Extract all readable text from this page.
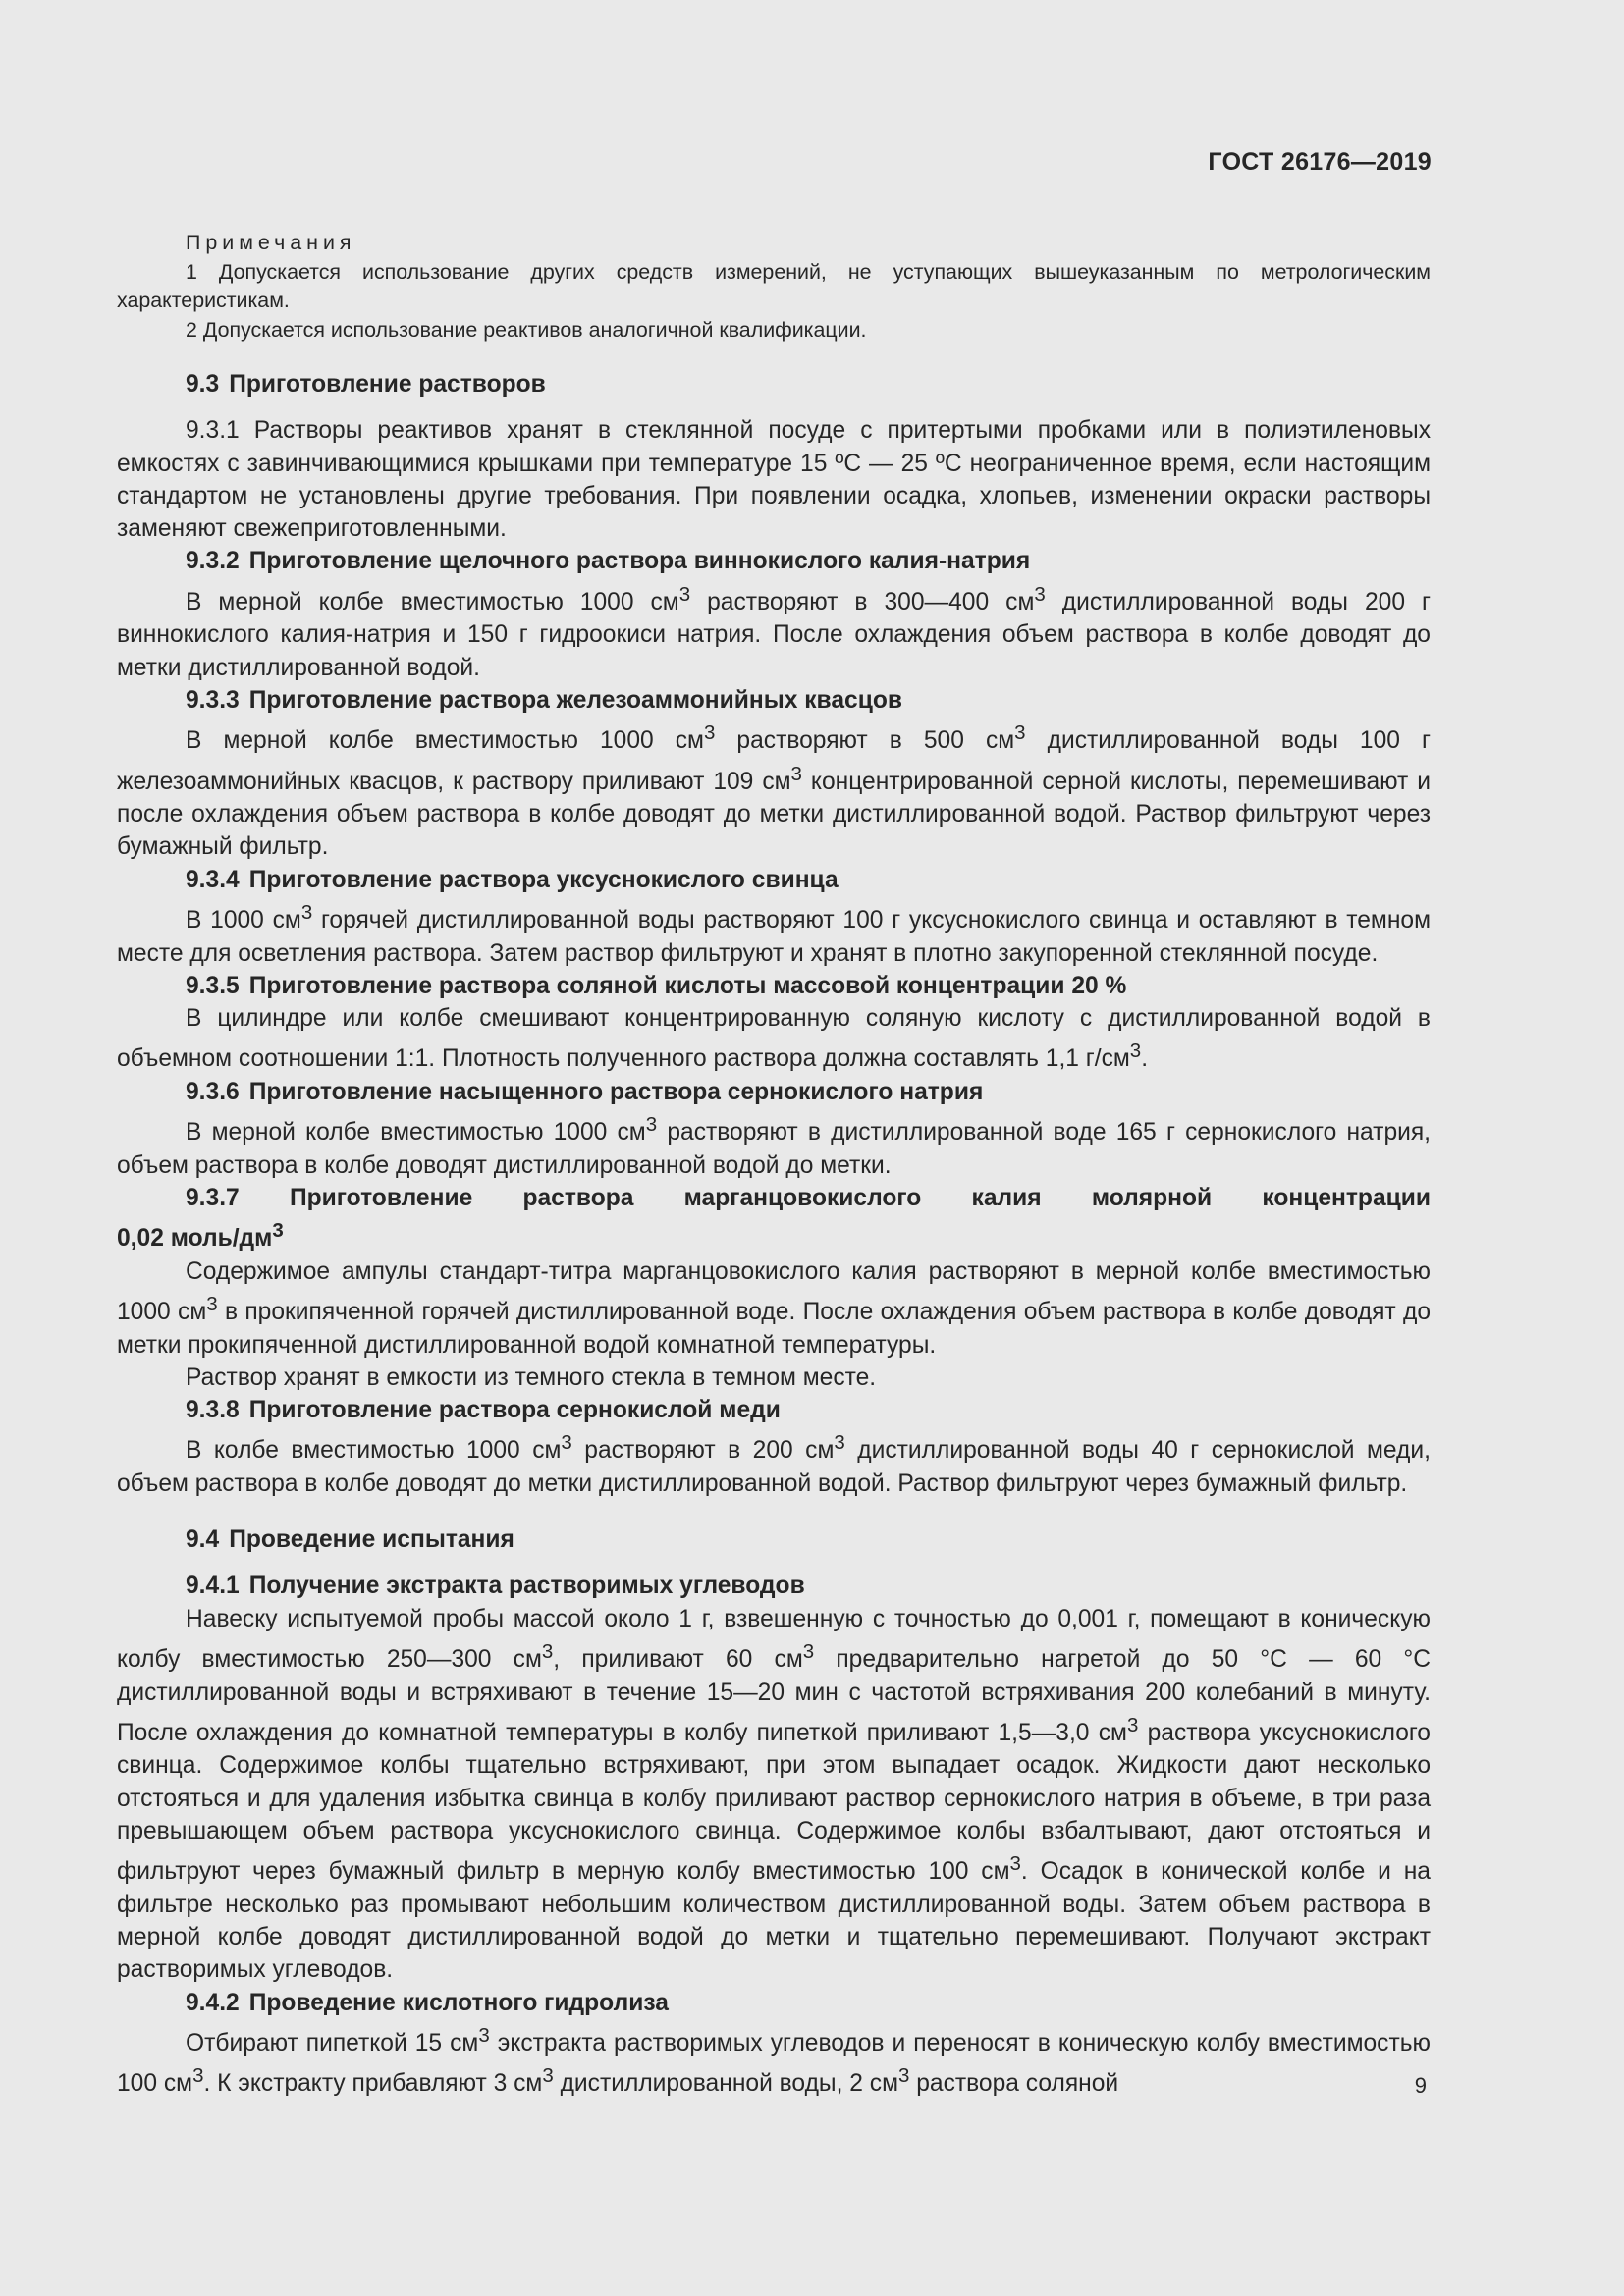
ГОСТ 26176—2019

Примечания

1 Допускается использование других средств измерений, не уступающих вышеуказанным по метрологическим характеристикам.

2 Допускается использование реактивов аналогичной квалификации.

9.3 Приготовление растворов

9.3.1 Растворы реактивов хранят в стеклянной посуде с притертыми пробками или в полиэтиленовых емкостях с завинчивающимися крышками при температуре 15 ºС — 25 ºС неограниченное время, если настоящим стандартом не установлены другие требования. При появлении осадка, хлопьев, изменении окраски растворы заменяют свежеприготовленными.

9.3.2 Приготовление щелочного раствора виннокислого калия-натрия

В мерной колбе вместимостью 1000 $см^3$ растворяют в 300—400 $см^3$ дистиллированной воды 200 г виннокислого калия-натрия и 150 г гидроокиси натрия. После охлаждения объем раствора в колбе доводят до метки дистиллированной водой.

9.3.3 Приготовление раствора железоаммонийных квасцов

В мерной колбе вместимостью 1000 $см^3$ растворяют в 500 $см^3$ дистиллированной воды 100 г железоаммонийных квасцов, к раствору приливают 109 $см^3$ концентрированной серной кислоты, перемешивают и после охлаждения объем раствора в колбе доводят до метки дистиллированной водой. Раствор фильтруют через бумажный фильтр.

9.3.4 Приготовление раствора уксуснокислого свинца

В 1000 $см^3$ горячей дистиллированной воды растворяют 100 г уксуснокислого свинца и оставляют в темном месте для осветления раствора. Затем раствор фильтруют и хранят в плотно закупоренной стеклянной посуде.

9.3.5 Приготовление раствора соляной кислоты массовой концентрации 20 %

В цилиндре или колбе смешивают концентрированную соляную кислоту с дистиллированной водой в объемном соотношении 1:1. Плотность полученного раствора должна составлять 1,1 $г/см^3$.

9.3.6 Приготовление насыщенного раствора сернокислого натрия

В мерной колбе вместимостью 1000 $см^3$ растворяют в дистиллированной воде 165 г сернокислого натрия, объем раствора в колбе доводят дистиллированной водой до метки.

9.3.7 Приготовление раствора марганцовокислого калия молярной концентрации
0,02 моль/$дм^3$

Содержимое ампулы стандарт-титра марганцовокислого калия растворяют в мерной колбе вместимостью 1000 $см^3$ в прокипяченной горячей дистиллированной воде. После охлаждения объем раствора в колбе доводят до метки прокипяченной дистиллированной водой комнатной температуры.

Раствор хранят в емкости из темного стекла в темном месте.

9.3.8 Приготовление раствора сернокислой меди

В колбе вместимостью 1000 $см^3$ растворяют в 200 $см^3$ дистиллированной воды 40 г сернокислой меди, объем раствора в колбе доводят до метки дистиллированной водой. Раствор фильтруют через бумажный фильтр.

9.4 Проведение испытания
9.4.1 Получение экстракта растворимых углеводов

Навеску испытуемой пробы массой около 1 г, взвешенную с точностью до 0,001 г, помещают в коническую колбу вместимостью 250—300 $см^3$, приливают 60 $см^3$ предварительно нагретой до 50 °С — 60 °С дистиллированной воды и встряхивают в течение 15—20 мин с частотой встряхивания 200 колебаний в минуту. После охлаждения до комнатной температуры в колбу пипеткой приливают 1,5—3,0 $см^3$ раствора уксуснокислого свинца. Содержимое колбы тщательно встряхивают, при этом выпадает осадок. Жидкости дают несколько отстояться и для удаления избытка свинца в колбу приливают раствор сернокислого натрия в объеме, в три раза превышающем объем раствора уксуснокислого свинца. Содержимое колбы взбалтывают, дают отстояться и фильтруют через бумажный фильтр в мерную колбу вместимостью 100 $см^3$. Осадок в конической колбе и на фильтре несколько раз промывают небольшим количеством дистиллированной воды. Затем объем раствора в мерной колбе доводят дистиллированной водой до метки и тщательно перемешивают. Получают экстракт растворимых углеводов.

9.4.2 Проведение кислотного гидролиза

Отбирают пипеткой 15 $см^3$ экстракта растворимых углеводов и переносят в коническую колбу вместимостью 100 $см^3$. К экстракту прибавляют 3 $см^3$ дистиллированной воды, 2 $см^3$ раствора соляной	9
